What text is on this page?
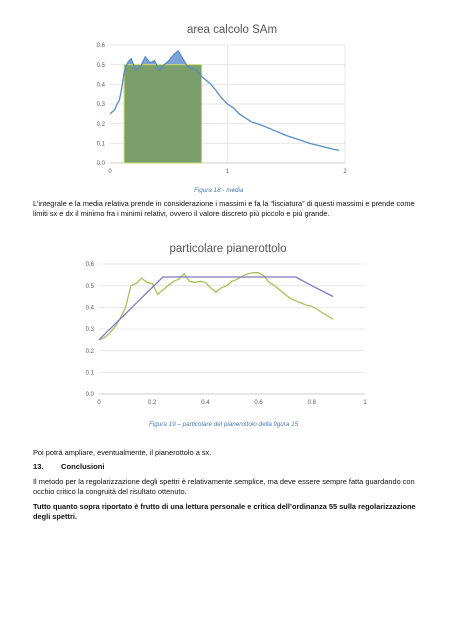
area calcolo SAm
0.0
0.1
0.2
0.3
0.4
0.5
0.6
0	1	2
Figura 18 - media

L’integrale e la media relativa prende in considerazione i massimi e fa la “lisciatura” di questi massimi e prende come limiti sx e dx il minimo fra i minimi relativi, ovvero il valore discreto più piccolo e più grande.

particolare pianerottolo
0.0
0.1
0.2
0.3
0.4
0.5
0.6
0	0.2	0.4	0.6	0.8	1
Figura 19 – particolare del pianerottolo della figura 15

Poi potrà ampliare, eventualmente, il pianerottolo a sx.

13. Conclusioni

Il metodo per la regolarizzazione degli spettri è relativamente semplice, ma deve essere sempre fatta guardando con occhio critico la congruità del risultato ottenuto.

Tutto quanto sopra riportato è frutto di una lettura personale e critica dell’ordinanza 55 sulla regolarizzazione degli spettri.
